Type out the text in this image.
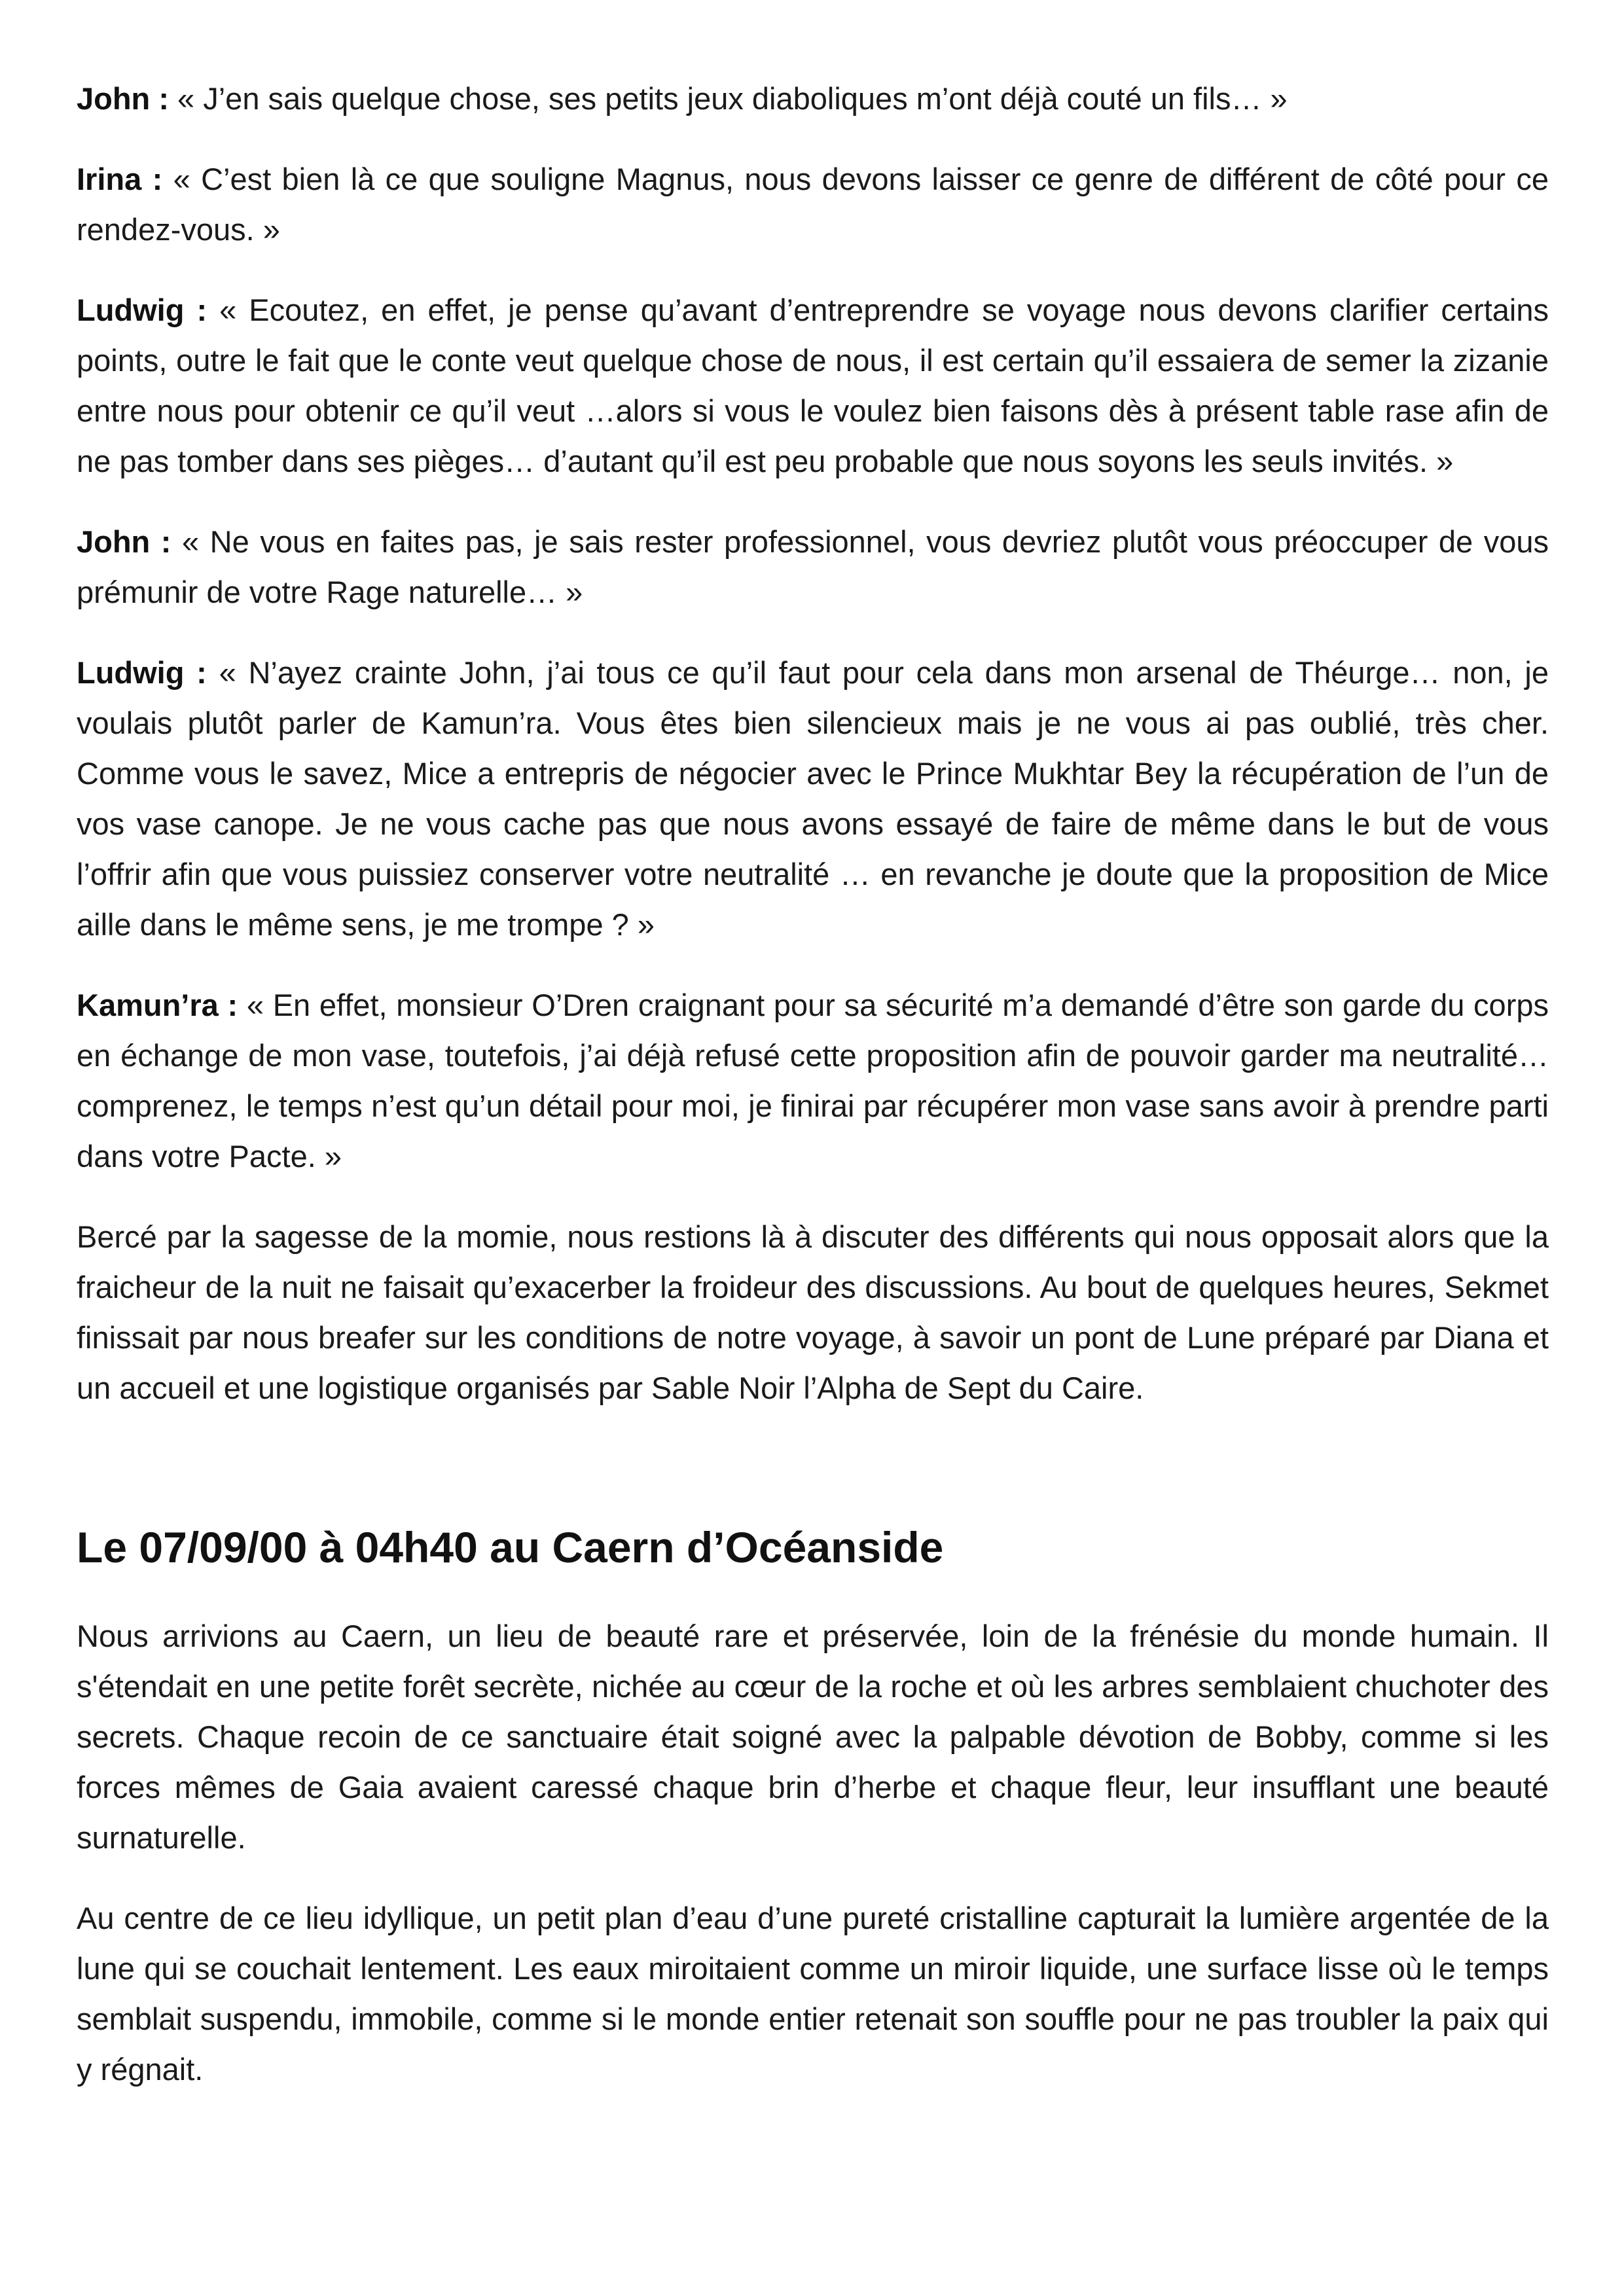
John : « J’en sais quelque chose, ses petits jeux diaboliques m’ont déjà couté un fils… »

Irina : « C’est bien là ce que souligne Magnus, nous devons laisser ce genre de différent de côté pour ce rendez-vous. »

Ludwig : « Ecoutez, en effet, je pense qu’avant d’entreprendre se voyage nous devons clarifier certains points, outre le fait que le conte veut quelque chose de nous, il est certain qu’il essaiera de semer la zizanie entre nous pour obtenir ce qu’il veut …alors si vous le voulez bien faisons dès à présent table rase afin de ne pas tomber dans ses pièges… d’autant qu’il est peu probable que nous soyons les seuls invités. »

John : « Ne vous en faites pas, je sais rester professionnel, vous devriez plutôt vous préoccuper de vous prémunir de votre Rage naturelle… »

Ludwig : « N’ayez crainte John, j’ai tous ce qu’il faut pour cela dans mon arsenal de Théurge… non, je voulais plutôt parler de Kamun’ra. Vous êtes bien silencieux mais je ne vous ai pas oublié, très cher. Comme vous le savez, Mice a entrepris de négocier avec le Prince Mukhtar Bey la récupération de l’un de vos vase canope. Je ne vous cache pas que nous avons essayé de faire de même dans le but de vous l’offrir afin que vous puissiez conserver votre neutralité … en revanche je doute que la proposition de Mice aille dans le même sens, je me trompe ? »

Kamun’ra : « En effet, monsieur O’Dren craignant pour sa sécurité m’a demandé d’être son garde du corps en échange de mon vase, toutefois, j’ai déjà refusé cette proposition afin de pouvoir garder ma neutralité… comprenez, le temps n’est qu’un détail pour moi, je finirai par récupérer mon vase sans avoir à prendre parti dans votre Pacte. »

Bercé par la sagesse de la momie, nous restions là à discuter des différents qui nous opposait alors que la fraicheur de la nuit ne faisait qu’exacerber la froideur des discussions. Au bout de quelques heures, Sekmet finissait par nous breafer sur les conditions de notre voyage, à savoir un pont de Lune préparé par Diana et un accueil et une logistique organisés par Sable Noir l’Alpha de Sept du Caire.

Le 07/09/00 à 04h40 au Caern d’Océanside

Nous arrivions au Caern, un lieu de beauté rare et préservée, loin de la frénésie du monde humain. Il s'étendait en une petite forêt secrète, nichée au cœur de la roche et où les arbres semblaient chuchoter des secrets. Chaque recoin de ce sanctuaire était soigné avec la palpable dévotion de Bobby, comme si les forces mêmes de Gaia avaient caressé chaque brin d’herbe et chaque fleur, leur insufflant une beauté surnaturelle.

Au centre de ce lieu idyllique, un petit plan d’eau d’une pureté cristalline capturait la lumière argentée de la lune qui se couchait lentement. Les eaux miroitaient comme un miroir liquide, une surface lisse où le temps semblait suspendu, immobile, comme si le monde entier retenait son souffle pour ne pas troubler la paix qui y régnait.
